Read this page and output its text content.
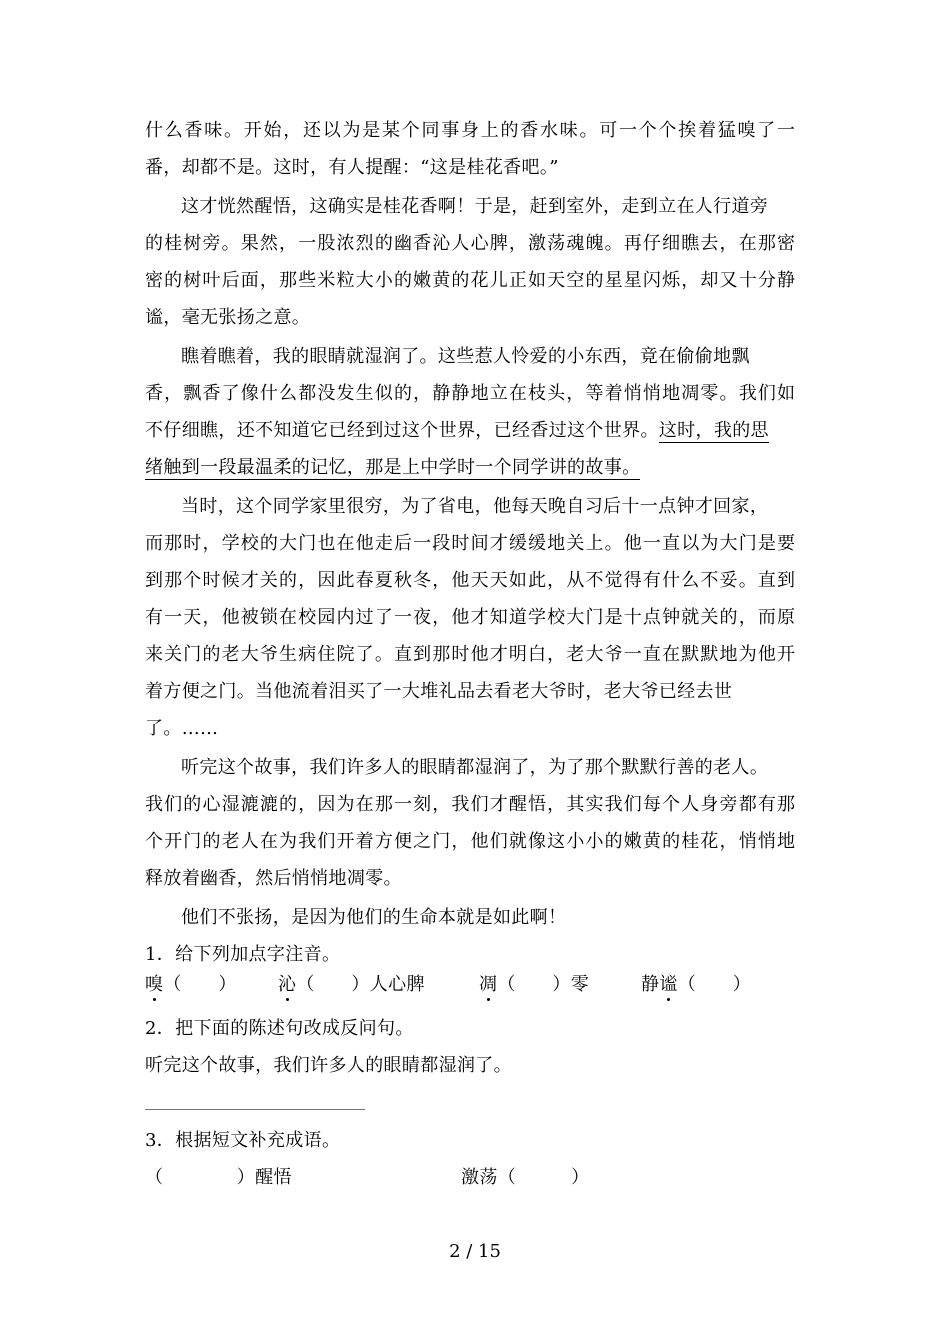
什么香味。开始，还以为是某个同事身上的香水味。可一个个挨着猛嗅了一
番，却都不是。这时，有人提醒：“这是桂花香吧。”
这才恍然醒悟，这确实是桂花香啊！于是，赶到室外，走到立在人行道旁
的桂树旁。果然，一股浓烈的幽香沁人心脾，激荡魂魄。再仔细瞧去，在那密
密的树叶后面，那些米粒大小的嫩黄的花儿正如天空的星星闪烁，却又十分静
谧，毫无张扬之意。
瞧着瞧着，我的眼睛就湿润了。这些惹人怜爱的小东西，竟在偷偷地飘
香，飘香了像什么都没发生似的，静静地立在枝头，等着悄悄地凋零。我们如
不仔细瞧，还不知道它已经到过这个世界，已经香过这个世界。这时，我的思
绪触到一段最温柔的记忆，那是上中学时一个同学讲的故事。
当时，这个同学家里很穷，为了省电，他每天晚自习后十一点钟才回家，
而那时，学校的大门也在他走后一段时间才缓缓地关上。他一直以为大门是要
到那个时候才关的，因此春夏秋冬，他天天如此，从不觉得有什么不妥。直到
有一天，他被锁在校园内过了一夜，他才知道学校大门是十点钟就关的，而原
来关门的老大爷生病住院了。直到那时他才明白，老大爷一直在默默地为他开
着方便之门。当他流着泪买了一大堆礼品去看老大爷时，老大爷已经去世
了。……
听完这个故事，我们许多人的眼睛都湿润了，为了那个默默行善的老人。
我们的心湿漉漉的，因为在那一刻，我们才醒悟，其实我们每个人身旁都有那
个开门的老人在为我们开着方便之门，他们就像这小小的嫩黄的桂花，悄悄地
释放着幽香，然后悄悄地凋零。
他们不张扬，是因为他们的生命本就是如此啊！
1．给下列加点字注音。
嗅（　　） 沁（　　）人心脾	凋（　　）零	静谧（　　）
2．把下面的陈述句改成反问句。
听完这个故事，我们许多人的眼睛都湿润了。
3．根据短文补充成语。
（　　　　）醒悟	激荡（　　　）
2 / 15
